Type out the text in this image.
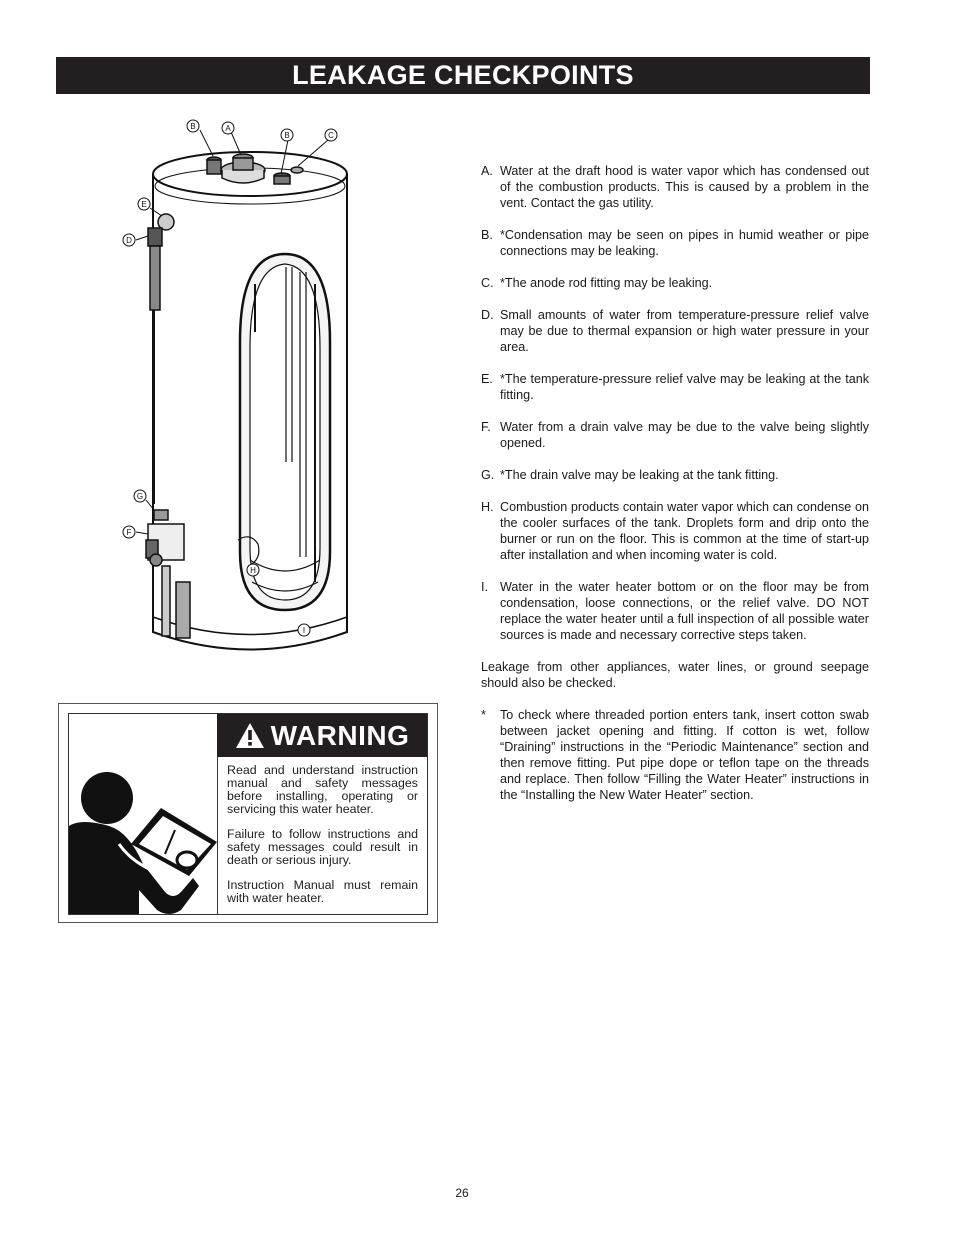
LEAKAGE CHECKPOINTS
B	A
B	C
E
D
G
F
H
I
A. Water at the draft hood is water vapor which has condensed out of the combustion products. This is caused by a problem in the vent. Contact the gas utility.
B. *Condensation may be seen on pipes in humid weather or pipe connections may be leaking.
C. *The anode rod fitting may be leaking.
D. Small amounts of water from temperature-pressure relief valve may be due to thermal expansion or high water pressure in your area.
E. *The temperature-pressure relief valve may be leaking at the tank fitting.
F. Water from a drain valve may be due to the valve being slightly opened.
G. *The drain valve may be leaking at the tank fitting.
H. Combustion products contain water vapor which can condense on the cooler surfaces of the tank. Droplets form and drip onto the burner or run on the floor. This is common at the time of start-up after installation and when incoming water is cold.
I. Water in the water heater bottom or on the floor may be from condensation, loose connections, or the relief valve. DO NOT replace the water heater until a full inspection of all possible water sources is made and necessary corrective steps taken.

Leakage from other appliances, water lines, or ground seepage should also be checked.

*	To check where threaded portion enters tank, insert cotton swab between jacket opening and fitting. If cotton is wet, follow “Draining” instructions in the “Periodic Maintenance” section and then remove fitting. Put pipe dope or teflon tape on the threads and replace. Then follow “Filling the Water Heater” instructions in the “Installing the New Water Heater” section.
WARNING

Read and understand instruction manual and safety messages before installing, operating or servicing this water heater.

Failure to follow instructions and safety messages could result in death or serious injury.

Instruction Manual must remain with water heater.

26
